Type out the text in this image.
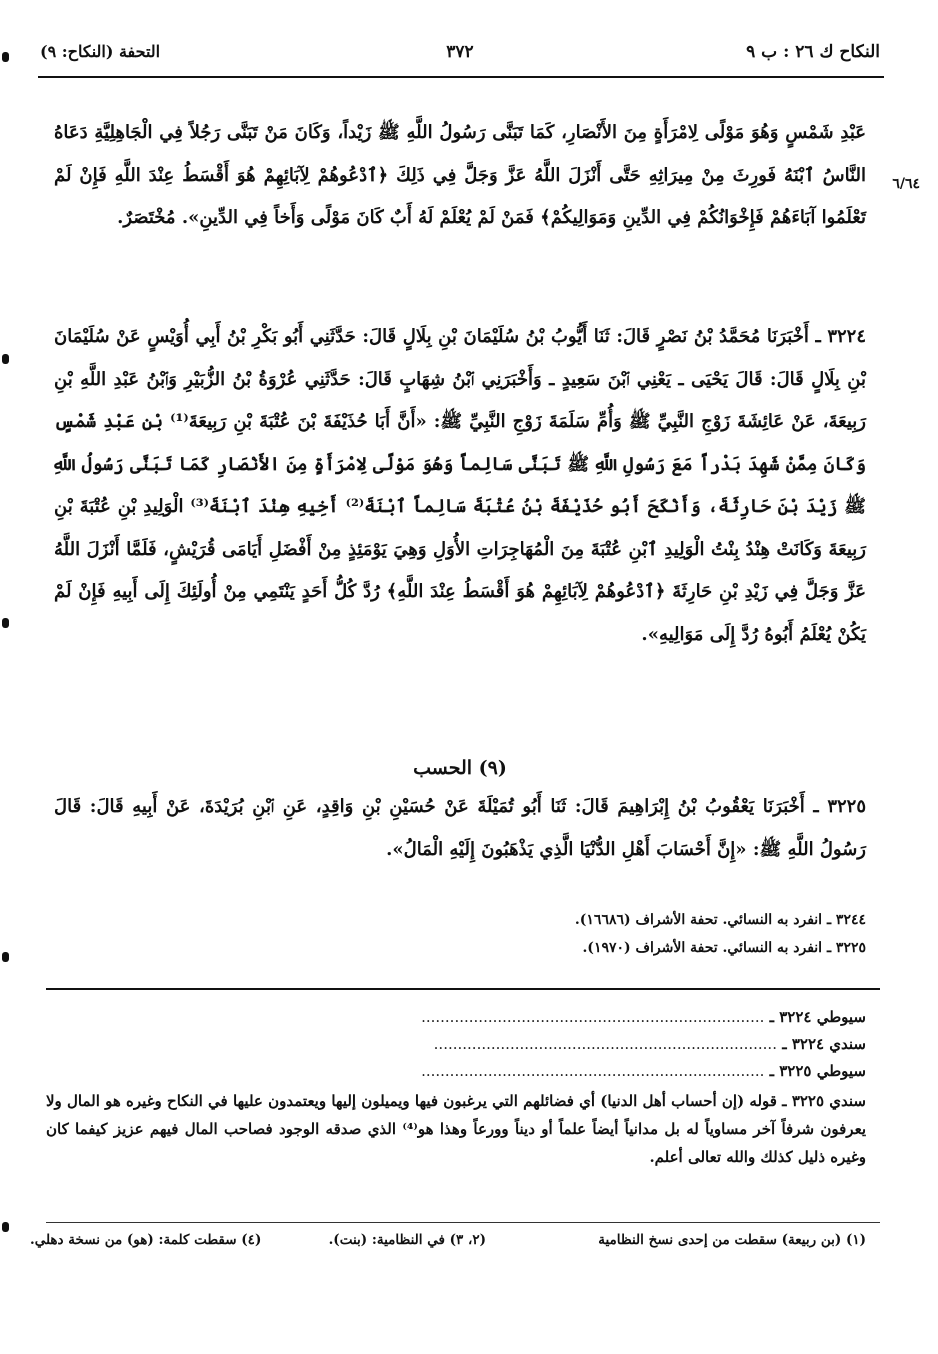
النكاح ك ٢٦ : ب ٩
٣٧٢
التحفة (النكاح: ٩)
٦/٦٤
عَبْدِ شَمْسٍ وَهُوَ مَوْلًى لِامْرَأَةٍ مِنَ الأَنْصَارِ، كَمَا تَبَنَّى رَسُولُ اللَّهِ ﷺ زَيْداً، وَكَانَ مَنْ تَبَنَّى رَجُلاً فِي الْجَاهِلِيَّةِ دَعَاهُ النَّاسُ ٱبْنَهُ فَورِثَ مِنْ مِيرَاثِهِ حَتَّى أَنْزَلَ اللَّهُ عَزَّ وَجَلَّ فِي ذَلِكَ ﴿ٱدْعُوهُمْ لِآبَائِهِمْ هُوَ أَقْسَطُ عِنْدَ اللَّهِ فَإِنْ لَمْ تَعْلَمُوا آبَاءَهُمْ فَإِخْوَانُكُمْ فِي الدِّينِ وَمَوَالِيكُمْ﴾ فَمَنْ لَمْ يُعْلَمْ لَهُ أَبٌ كَانَ مَوْلًى وَأَخاً فِي الدِّينِ». مُخْتَصَرٌ.
٣٢٢٤ ـ أَخْبَرَنَا مُحَمَّدُ بْنُ نَصْرٍ قَالَ: ثَنَا أَيُّوبُ بْنُ سُلَيْمَانَ بْنِ بِلَالٍ قَالَ: حَدَّثَنِي أَبُو بَكْرِ بْنُ أَبِي أُوَيْسٍ عَنْ سُلَيْمَانَ بْنِ بِلَالٍ قَالَ: قَالَ يَحْيَى ـ يَعْنِي ٱبْنَ سَعِيدٍ ـ وَأَخْبَرَنِي ٱبْنُ شِهَابٍ قَالَ: حَدَّثَنِي عُرْوَةُ بْنُ الزُّبَيْرِ وَٱبْنُ عَبْدِ اللَّهِ بْنِ رَبِيعَةَ، عَنْ عَائِشَةَ زَوْجِ النَّبِيِّ ﷺ وَأُمِّ سَلَمَةَ زَوْجِ النَّبِيِّ ﷺ: «أَنَّ أَبَا حُذَيْفَةَ بْنَ عُتْبَةَ بْنِ رَبِيعَةَ⁽¹⁾ بْنِ عَبْدِ شَمْسٍ وَكَانَ مِمَّنْ شَهِدَ بَدْراً مَعَ رَسُولِ اللَّهِ ﷺ تَبَنَّى سَالِماً وَهُوَ مَوْلًى لِامْرَأَةٍ مِنَ الأَنْصَارِ كَمَا تَبَنَّى رَسُولُ اللَّهِ ﷺ زَيْدَ بْنَ حَارِثَةَ، وَأَنْكَحَ أَبُو حُذَيْفَةَ بْنُ عُتْبَةَ سَالِماً ٱبْنَةَ⁽²⁾ أَخِيهِ هِنْدَ ٱبْنَةَ⁽³⁾ الْوَلِيدِ بْنِ عُتْبَةَ بْنِ رَبِيعَةَ وَكَانَتْ هِنْدُ بِنْتُ الْوَلِيدِ ٱبْنِ عُتْبَةَ مِنَ الْمُهَاجِرَاتِ الأُوَلِ وَهِيَ يَوْمَئِذٍ مِنْ أَفْضَلِ أَيَامَى قُرَيْشٍ، فَلَمَّا أَنْزَلَ اللَّهُ عَزَّ وَجَلَّ فِي زَيْدِ بْنِ حَارِثَةَ ﴿ٱدْعُوهُمْ لِآبَائِهِمْ هُوَ أَقْسَطُ عِنْدَ اللَّهِ﴾ رُدَّ كُلُّ أَحَدٍ يَنْتَمِي مِنْ أُولَئِكَ إِلَى أَبِيهِ فَإِنْ لَمْ يَكُنْ يُعْلَمُ أَبُوهُ رُدَّ إِلَى مَوَالِيهِ».
(٩) الحسب
٣٢٢٥ ـ أَخْبَرَنَا يَعْقُوبُ بْنُ إِبْرَاهِيمَ قَالَ: ثَنَا أَبُو تُمَيْلَةَ عَنْ حُسَيْنِ بْنِ وَاقِدٍ، عَنِ ٱبْنِ بُرَيْدَةَ، عَنْ أَبِيهِ قَالَ: قَالَ رَسُولُ اللَّهِ ﷺ: «إِنَّ أَحْسَابَ أَهْلِ الدُّنْيَا الَّذِي يَذْهَبُونَ إِلَيْهِ الْمَالُ».
٣٢٤٤ ـ انفرد به النسائي. تحفة الأشراف (١٦٦٨٦).
٣٢٢٥ ـ انفرد به النسائي. تحفة الأشراف (١٩٧٠).
سيوطي ٣٢٢٤ ـ ........................................................................
سندي ٣٢٢٤ ـ ........................................................................
سيوطي ٣٢٢٥ ـ ........................................................................
سندي ٣٢٢٥ ـ قوله (إن أحساب أهل الدنيا) أي فضائلهم التي يرغبون فيها ويميلون إليها ويعتمدون عليها في النكاح وغيره هو المال ولا يعرفون شرفاً آخر مساوياً له بل مدانياً أيضاً علماً أو ديناً وورعاً وهذا هو⁽⁴⁾ الذي صدقه الوجود فصاحب المال فيهم عزيز كيفما كان وغيره ذليل كذلك والله تعالى أعلم.
(١) (بن ربيعة) سقطت من إحدى نسخ النظامية
(٢، ٣) في النظامية: (بنت).
(٤) سقطت كلمة: (هو) من نسخة دهلي.
